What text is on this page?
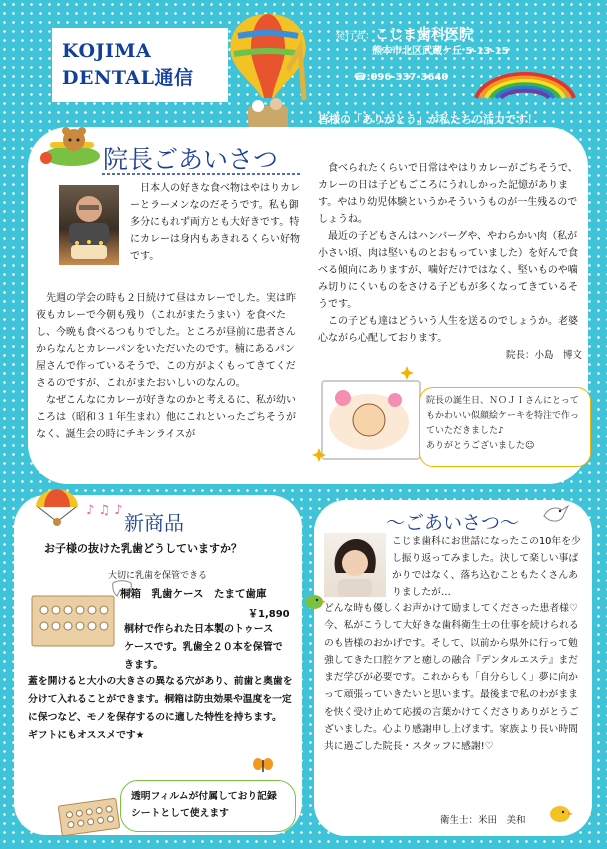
KOJIMA
DENTAL通信
発行者：こじま歯科医院
熊本市北区武蔵ケ丘 5-13-15
☎:096-337-3640
皆様の「ありがとう」が私たちの活力です！
院長ごあいさつ

日本人の好きな食べ物はやはりカレーとラーメンなのだそうです。私も御多分にもれず両方とも大好きです。特にカレーは身内もあきれるくらい好物です。

先週の学会の時も２日続けて昼はカレーでした。実は昨夜もカレーで今朝も残り（これがまたうまい）を食べたし、今晩も食べるつもりでした。ところが昼前に患者さんからなんとカレーパンをいただいたのです。楠にあるパン屋さんで作っているそうで、この方がよくもってきてくださるのですが、これがまたおいしいのなんの。

なぜこんなにカレーが好きなのかと考えるに、私が幼いころは（昭和３１年生まれ）他にこれといったごちそうがなく、誕生会の時にチキンライスが

食べられたくらいで日常はやはりカレーがごちそうで、カレーの日は子どもごころにうれしかった記憶があります。やはり幼児体験というかそういうものが一生残るのでしょうね。

最近の子どもさんはハンバーグや、やわらかい肉（私が小さい頃、肉は堅いものとおもっていました）を好んで食べる傾向にありますが、噛好だけではなく、堅いものや噛み切りにくいものをさける子どもが多くなってきているそうです。

この子ども達はどういう人生を送るのでしょうか。老婆心ながら心配しております。

院長：小島　博文
院長の誕生日、ＮＯＪＩさんにとってもかわいい似顔絵ケーキを特注で作っていただきました♪
ありがとうございました☺
♪ ♫ ♪
新商品
お子様の抜けた乳歯どうしていますか？
大切に乳歯を保管できる
桐箱　乳歯ケース　たまて歯庫
￥1,890
桐材で作られた日本製のトゥース
ケースです。乳歯全２０本を保管で
きます。
蓋を開けると大小の大きさの異なる穴があり、前歯と奥歯を分けて入れることができます。桐箱は防虫効果や温度を一定に保つなど、モノを保存するのに適した特性を持ちます。
ギフトにもオススメです★
透明フィルムが付属しており記録シートとして使えます
～ごあいさつ～
こじま歯科にお世話になったこの10年を少し振り返ってみました。決して楽しい事ばかりではなく、落ち込むこともたくさんありましたが…
どんな時も優しくお声かけて励ましてくださった患者様♡　今、私がこうして大好きな歯科衛生士の仕事を続けられるのも皆様のおかげです。そして、以前から県外に行って勉強してきた口腔ケアと癒しの融合『デンタルエステ』まだまだ学びが必要です。これからも「自分らしく」夢に向かって頑張っていきたいと思います。最後まで私のわがままを快く受け止めて応援の言葉かけてくださりありがとうございました。心より感謝申し上げます。家族より長い時間共に過ごした院長・スタッフに感謝!♡
衛生士：米田　美和
